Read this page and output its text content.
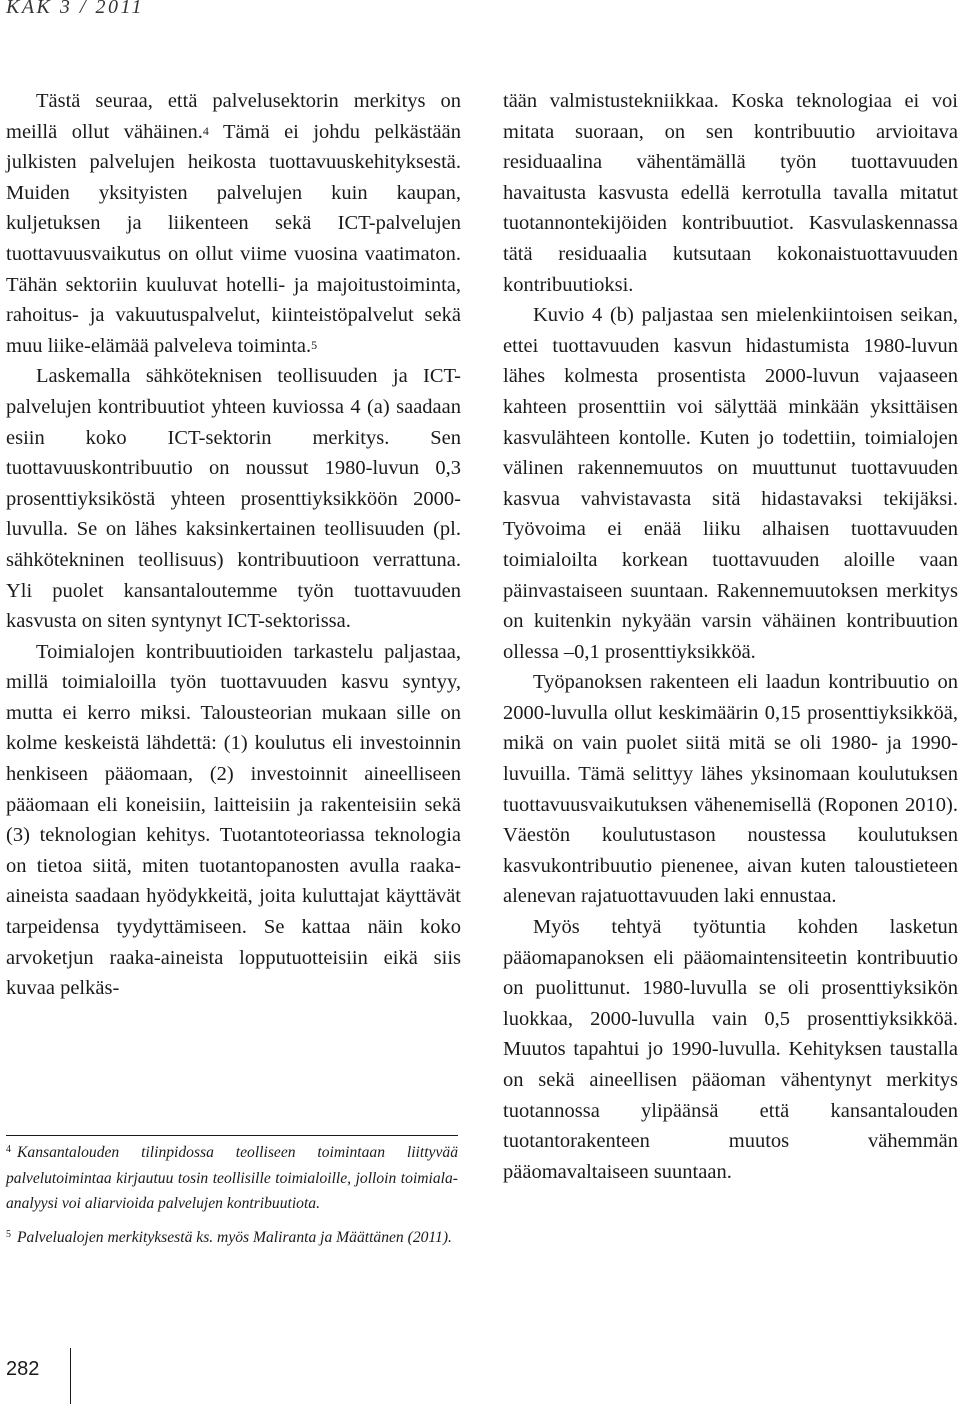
KAK 3 / 2011

Tästä seuraa, että palvelusektorin merkitys on meillä ollut vähäinen.$^4$ Tämä ei johdu pelkästään julkisten palvelujen heikosta tuottavuuskehityksestä. Muiden yksityisten palvelujen kuin kaupan, kuljetuksen ja liikenteen sekä ICT-palvelujen tuottavuusvaikutus on ollut viime vuosina vaatimaton. Tähän sektoriin kuuluvat hotelli- ja majoitustoiminta, rahoitus- ja vakuutuspalvelut, kiinteistöpalvelut sekä muu liike-elämää palveleva toiminta.$^5$

Laskemalla sähköteknisen teollisuuden ja ICT-palvelujen kontribuutiot yhteen kuviossa 4 (a) saadaan esiin koko ICT-sektorin merkitys. Sen tuottavuuskontribuutio on noussut 1980-luvun 0,3 prosenttiyksiköstä yhteen prosenttiyksikköön 2000-luvulla. Se on lähes kaksinkertainen teollisuuden (pl. sähkötekninen teollisuus) kontribuutioon verrattuna. Yli puolet kansantaloutemme työn tuottavuuden kasvusta on siten syntynyt ICT-sektorissa.

Toimialojen kontribuutioiden tarkastelu paljastaa, millä toimialoilla työn tuottavuuden kasvu syntyy, mutta ei kerro miksi. Talousteorian mukaan sille on kolme keskeistä lähdettä: (1) koulutus eli investoinnin henkiseen pääomaan, (2) investoinnit aineelliseen pääomaan eli koneisiin, laitteisiin ja rakenteisiin sekä (3) teknologian kehitys. Tuotantoteoriassa teknologia on tietoa siitä, miten tuotantopanosten avulla raaka-aineista saadaan hyödykkeitä, joita kuluttajat käyttävät tarpeidensa tyydyttämiseen. Se kattaa näin koko arvoketjun raaka-aineista lopputuotteisiin eikä siis kuvaa pelkäs-

tään valmistustekniikkaa. Koska teknologiaa ei voi mitata suoraan, on sen kontribuutio arvioitava residuaalina vähentämällä työn tuottavuuden havaitusta kasvusta edellä kerrotulla tavalla mitatut tuotannontekijöiden kontribuutiot. Kasvulaskennassa tätä residuaalia kutsutaan kokonaistuottavuuden kontribuutioksi.

Kuvio 4 (b) paljastaa sen mielenkiintoisen seikan, ettei tuottavuuden kasvun hidastumista 1980-luvun lähes kolmesta prosentista 2000-luvun vajaaseen kahteen prosenttiin voi sälyttää minkään yksittäisen kasvulähteen kontolle. Kuten jo todettiin, toimialojen välinen rakennemuutos on muuttunut tuottavuuden kasvua vahvistavasta sitä hidastavaksi tekijäksi. Työvoima ei enää liiku alhaisen tuottavuuden toimialoilta korkean tuottavuuden aloille vaan päinvastaiseen suuntaan. Rakennemuutoksen merkitys on kuitenkin nykyään varsin vähäinen kontribuution ollessa –0,1 prosenttiyksikköä.

Työpanoksen rakenteen eli laadun kontribuutio on 2000-luvulla ollut keskimäärin 0,15 prosenttiyksikköä, mikä on vain puolet siitä mitä se oli 1980- ja 1990-luvuilla. Tämä selittyy lähes yksinomaan koulutuksen tuottavuusvaikutuksen vähenemisellä (Roponen 2010). Väestön koulutustason noustessa koulutuksen kasvukontribuutio pienenee, aivan kuten taloustieteen alenevan rajatuottavuuden laki ennustaa.

Myös tehtyä työtuntia kohden lasketun pääomapanoksen eli pääomaintensiteetin kontribuutio on puolittunut. 1980-luvulla se oli prosenttiyksikön luokkaa, 2000-luvulla vain 0,5 prosenttiyksikköä. Muutos tapahtui jo 1990-luvulla. Kehityksen taustalla on sekä aineellisen pääoman vähentynyt merkitys tuotannossa ylipäänsä että kansantalouden tuotantorakenteen muutos vähemmän pääomavaltaiseen suuntaan.

$^4$ Kansantalouden tilinpidossa teolliseen toimintaan liittyvää palvelutoimintaa kirjautuu tosin teollisille toimialoille, jolloin toimiala-analyysi voi aliarvioida palvelujen kontribuutiota.

$^5$ Palvelualojen merkityksestä ks. myös Maliranta ja Määttänen (2011).

282
